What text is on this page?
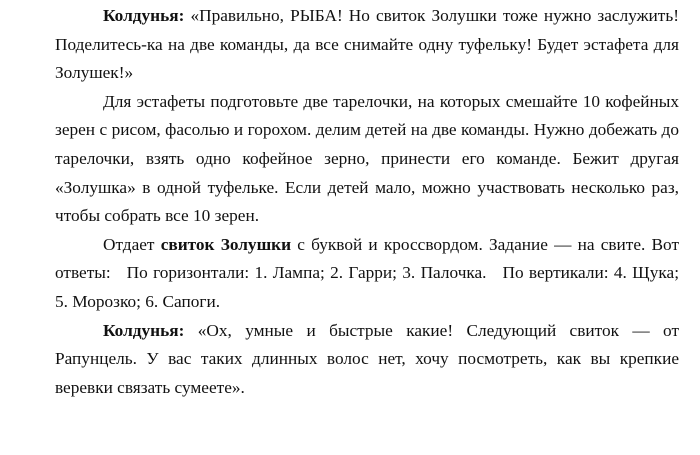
Колдунья: «Правильно, РЫБА! Но свиток Золушки тоже нужно заслужить! Поделитесь-ка на две команды, да все снимайте одну туфельку! Будет эстафета для Золушек!»

Для эстафеты подготовьте две тарелочки, на которых смешайте 10 кофейных зерен с рисом, фасолью и горохом. делим детей на две команды. Нужно добежать до тарелочки, взять одно кофейное зерно, принести его команде. Бежит другая «Золушка» в одной туфельке. Если детей мало, можно участвовать несколько раз, чтобы собрать все 10 зерен.

Отдает свиток Золушки с буквой и кроссвордом. Задание — на свите. Вот ответы:   По горизонтали: 1. Лампа; 2. Гарри; 3. Палочка.   По вертикали: 4. Щука; 5. Морозко; 6. Сапоги.

Колдунья: «Ох, умные и быстрые какие! Следующий свиток — от Рапунцель. У вас таких длинных волос нет, хочу посмотреть, как вы крепкие веревки связать сумеете».
